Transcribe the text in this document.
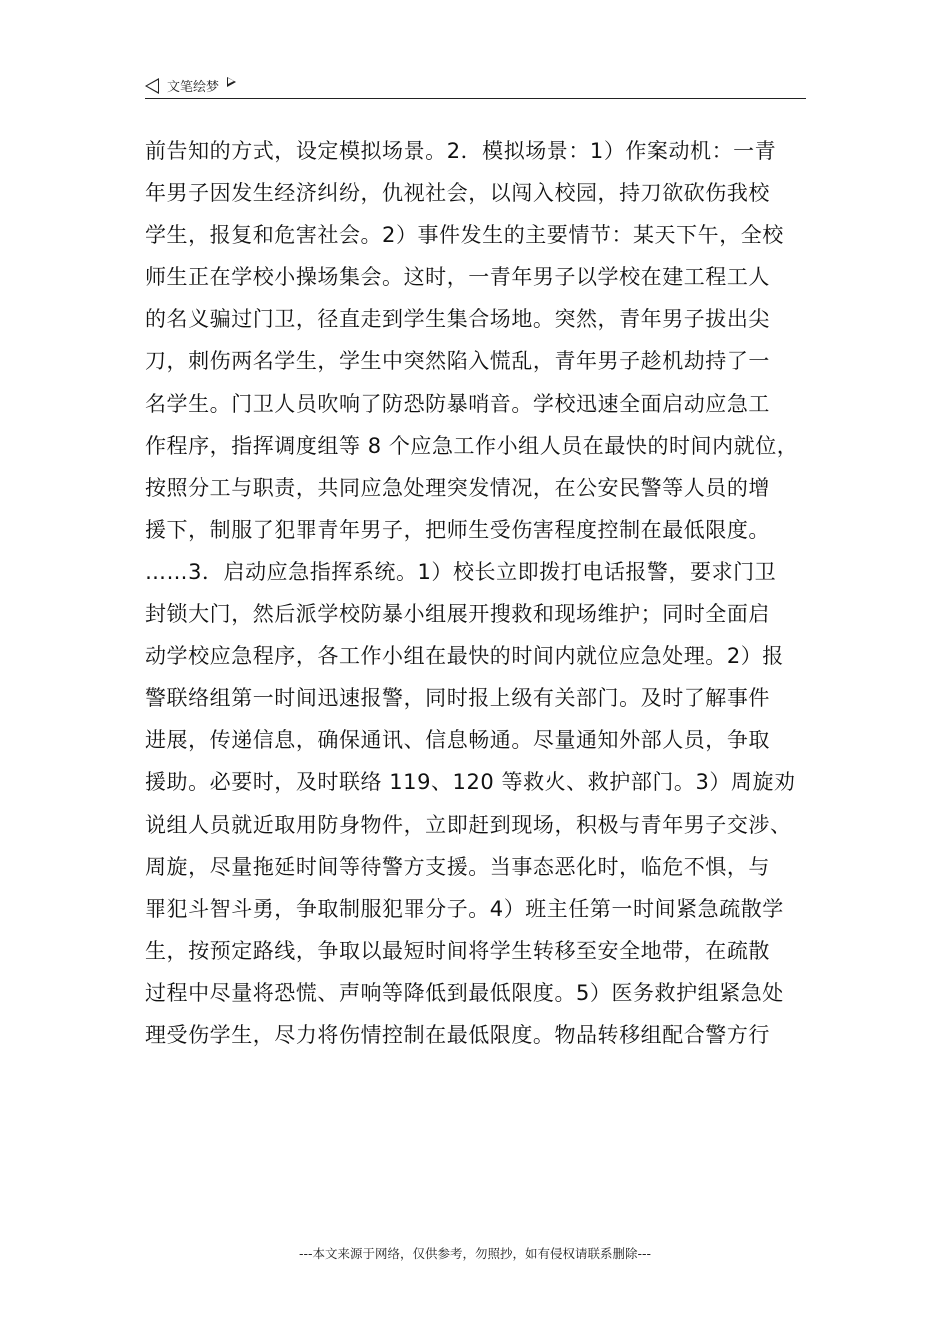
文笔绘梦
前告知的方式，设定模拟场景。2．模拟场景：1）作案动机：一青
年男子因发生经济纠纷，仇视社会，以闯入校园，持刀欲砍伤我校
学生，报复和危害社会。2）事件发生的主要情节：某天下午，全校
师生正在学校小操场集会。这时，一青年男子以学校在建工程工人
的名义骗过门卫，径直走到学生集合场地。突然，青年男子拔出尖
刀，刺伤两名学生，学生中突然陷入慌乱，青年男子趁机劫持了一
名学生。门卫人员吹响了防恐防暴哨音。学校迅速全面启动应急工
作程序，指挥调度组等 8 个应急工作小组人员在最快的时间内就位，
按照分工与职责，共同应急处理突发情况，在公安民警等人员的增
援下，制服了犯罪青年男子，把师生受伤害程度控制在最低限度。
……3．启动应急指挥系统。1）校长立即拨打电话报警，要求门卫
封锁大门，然后派学校防暴小组展开搜救和现场维护；同时全面启
动学校应急程序，各工作小组在最快的时间内就位应急处理。2）报
警联络组第一时间迅速报警，同时报上级有关部门。及时了解事件
进展，传递信息，确保通讯、信息畅通。尽量通知外部人员，争取
援助。必要时，及时联络 119、120 等救火、救护部门。3）周旋劝
说组人员就近取用防身物件，立即赶到现场，积极与青年男子交涉、
周旋，尽量拖延时间等待警方支援。当事态恶化时，临危不惧，与
罪犯斗智斗勇，争取制服犯罪分子。4）班主任第一时间紧急疏散学
生，按预定路线，争取以最短时间将学生转移至安全地带，在疏散
过程中尽量将恐慌、声响等降低到最低限度。5）医务救护组紧急处
理受伤学生，尽力将伤情控制在最低限度。物品转移组配合警方行
---本文来源于网络，仅供参考，勿照抄，如有侵权请联系删除---
